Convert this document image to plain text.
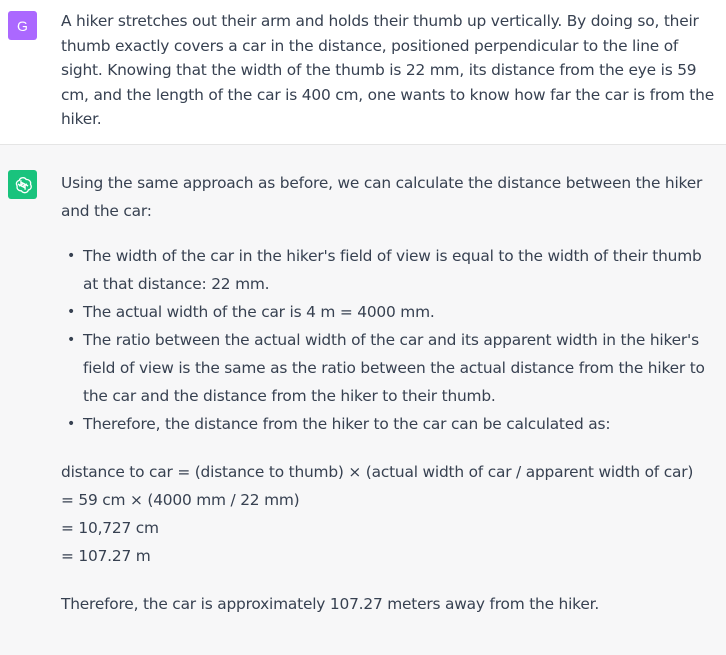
G A hiker stretches out their arm and holds their thumb up vertically. By doing so, their thumb exactly covers a car in the distance, positioned perpendicular to the line of sight. Knowing that the width of the thumb is 22 mm, its distance from the eye is 59 cm, and the length of the car is 400 cm, one wants to know how far the car is from the hiker.

Using the same approach as before, we can calculate the distance between the hiker and the car:

• The width of the car in the hiker's field of view is equal to the width of their thumb at that distance: 22 mm.
• The actual width of the car is 4 m = 4000 mm.
• The ratio between the actual width of the car and its apparent width in the hiker's field of view is the same as the ratio between the actual distance from the hiker to the car and the distance from the hiker to their thumb.
• Therefore, the distance from the hiker to the car can be calculated as:

distance to car = (distance to thumb) × (actual width of car / apparent width of car)
= 59 cm × (4000 mm / 22 mm)
= 10,727 cm
= 107.27 m

Therefore, the car is approximately 107.27 meters away from the hiker.
